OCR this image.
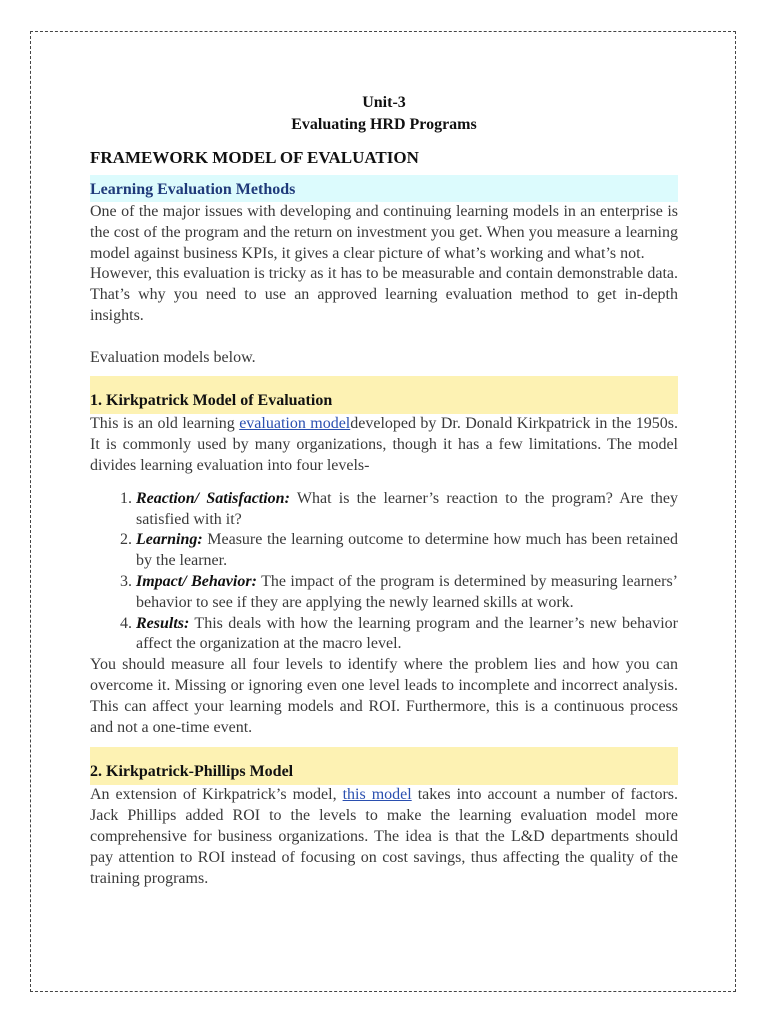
Unit-3
Evaluating HRD Programs
FRAMEWORK MODEL OF EVALUATION
Learning Evaluation Methods

One of the major issues with developing and continuing learning models in an enterprise is the cost of the program and the return on investment you get. When you measure a learning model against business KPIs, it gives a clear picture of what’s working and what’s not.

However, this evaluation is tricky as it has to be measurable and contain demonstrable data. That’s why you need to use an approved learning evaluation method to get in-depth insights.

Evaluation models below.

1. Kirkpatrick Model of Evaluation

This is an old learning evaluation modeldeveloped by Dr. Donald Kirkpatrick in the 1950s. It is commonly used by many organizations, though it has a few limitations. The model divides learning evaluation into four levels-

1. Reaction/ Satisfaction: What is the learner’s reaction to the program? Are they satisfied with it?
2. Learning: Measure the learning outcome to determine how much has been retained by the learner.
3. Impact/ Behavior: The impact of the program is determined by measuring learners’ behavior to see if they are applying the newly learned skills at work.
4. Results: This deals with how the learning program and the learner’s new behavior affect the organization at the macro level.

You should measure all four levels to identify where the problem lies and how you can overcome it. Missing or ignoring even one level leads to incomplete and incorrect analysis. This can affect your learning models and ROI. Furthermore, this is a continuous process and not a one-time event.

2. Kirkpatrick-Phillips Model

An extension of Kirkpatrick’s model, this model takes into account a number of factors. Jack Phillips added ROI to the levels to make the learning evaluation model more comprehensive for business organizations. The idea is that the L&D departments should pay attention to ROI instead of focusing on cost savings, thus affecting the quality of the training programs.
